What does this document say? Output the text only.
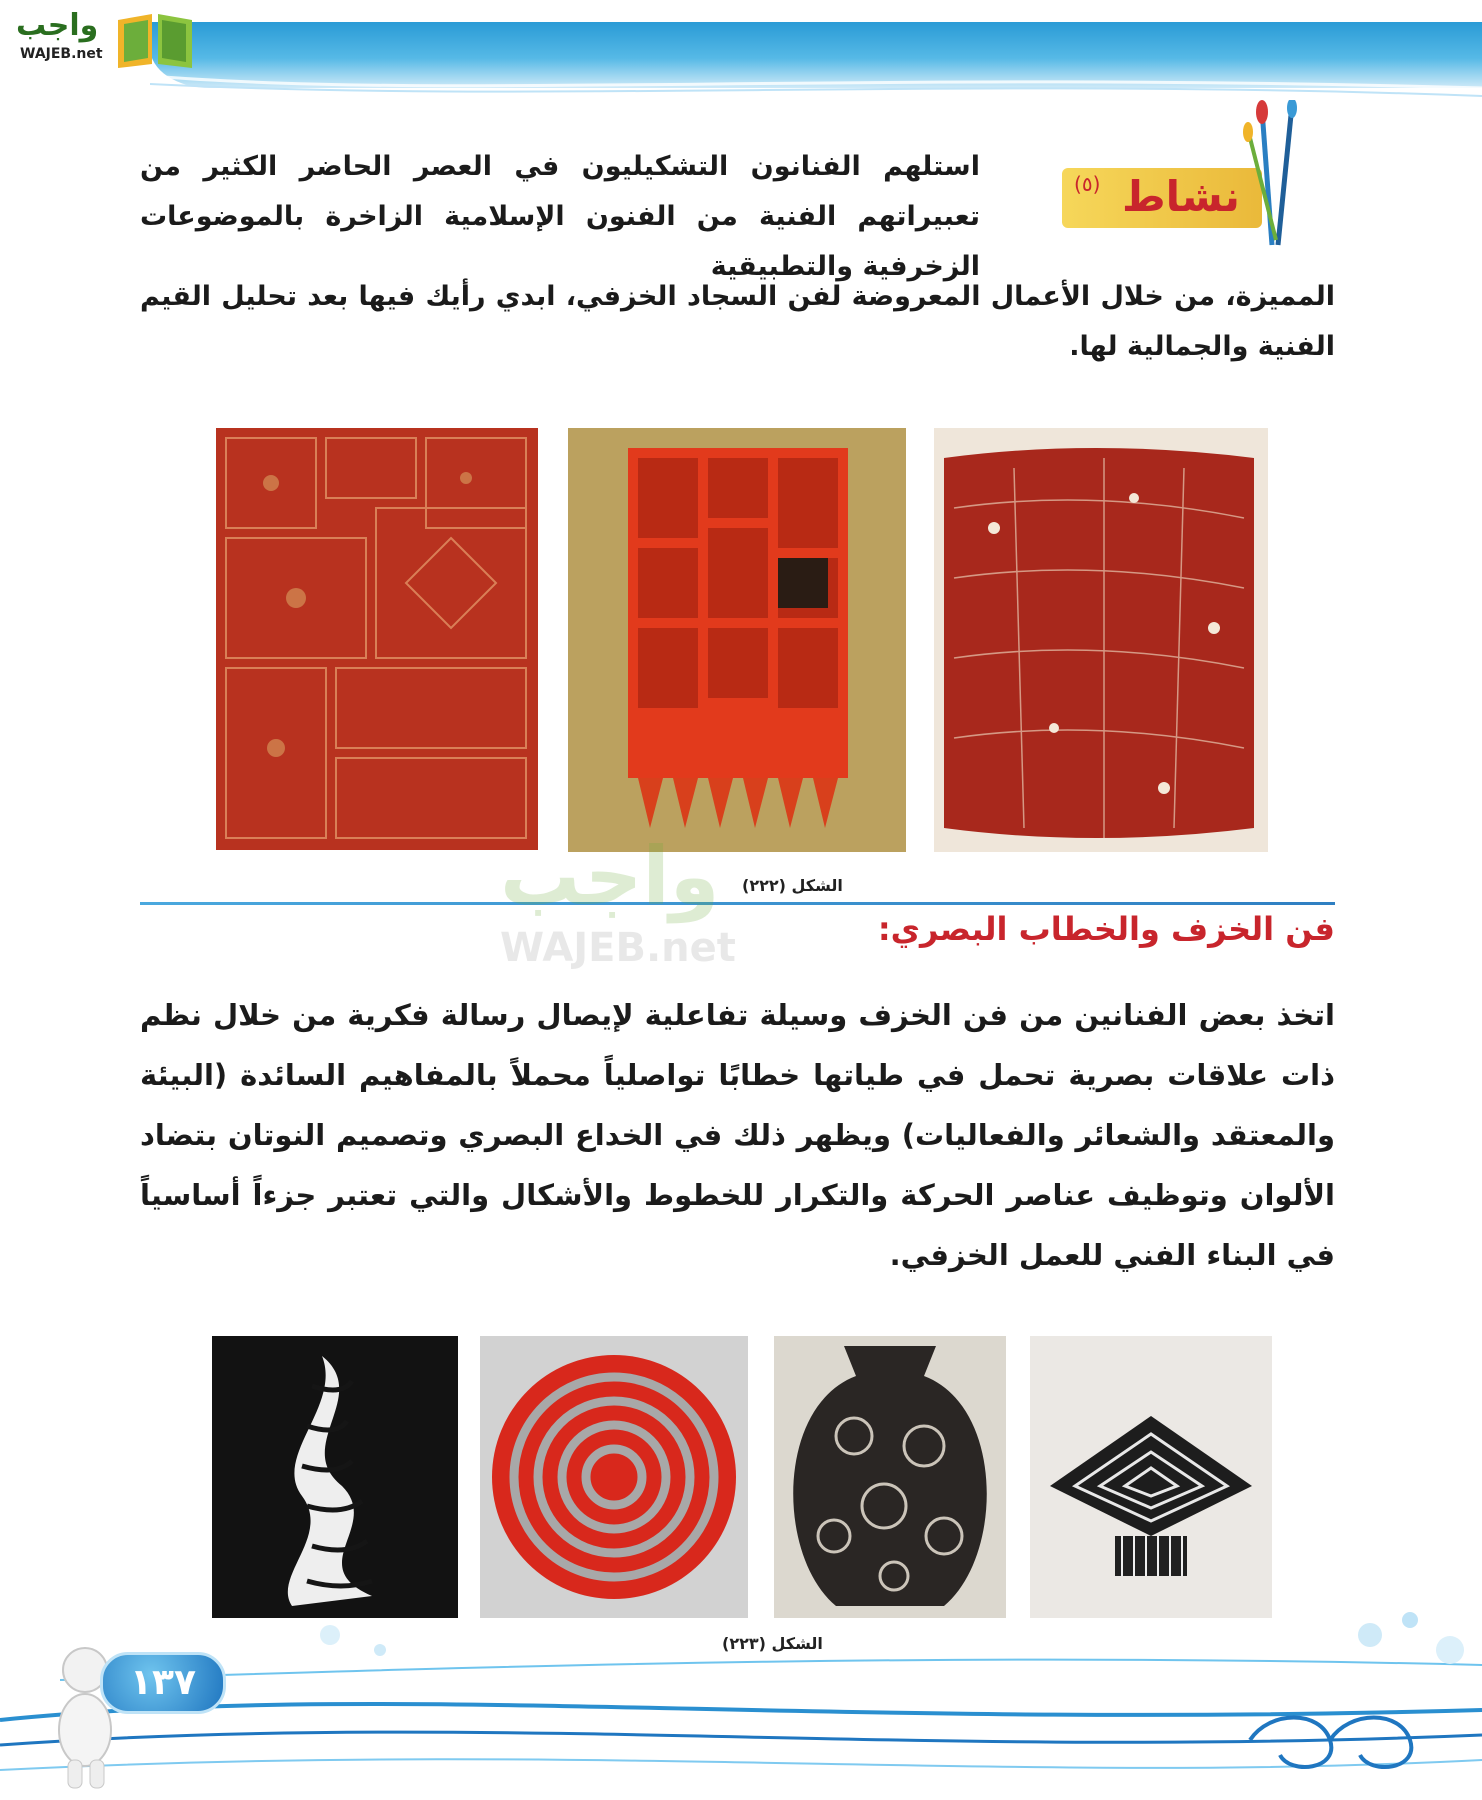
واجب
WAJEB.net
نشاط
(٥)
استلهم الفنانون التشكيليون في العصر الحاضر الكثير من تعبيراتهم الفنية من الفنون الإسلامية الزاخرة بالموضوعات الزخرفية والتطبيقية
المميزة، من خلال الأعمال المعروضة لفن السجاد الخزفي، ابدي رأيك فيها بعد تحليل القيم الفنية والجمالية لها.
الشكل (٢٢٢)
فن الخزف والخطاب البصري:
واجب
WAJEB.net
اتخذ بعض الفنانين من فن الخزف وسيلة تفاعلية لإيصال رسالة فكرية من خلال نظم ذات علاقات بصرية تحمل في طياتها خطابًا تواصلياً محملاً بالمفاهيم السائدة (البيئة والمعتقد والشعائر والفعاليات) ويظهر ذلك في الخداع البصري وتصميم النوتان بتضاد الألوان وتوظيف عناصر الحركة والتكرار للخطوط والأشكال والتي تعتبر جزءاً أساسياً في البناء الفني للعمل الخزفي.
الشكل (٢٢٣)
١٣٧
